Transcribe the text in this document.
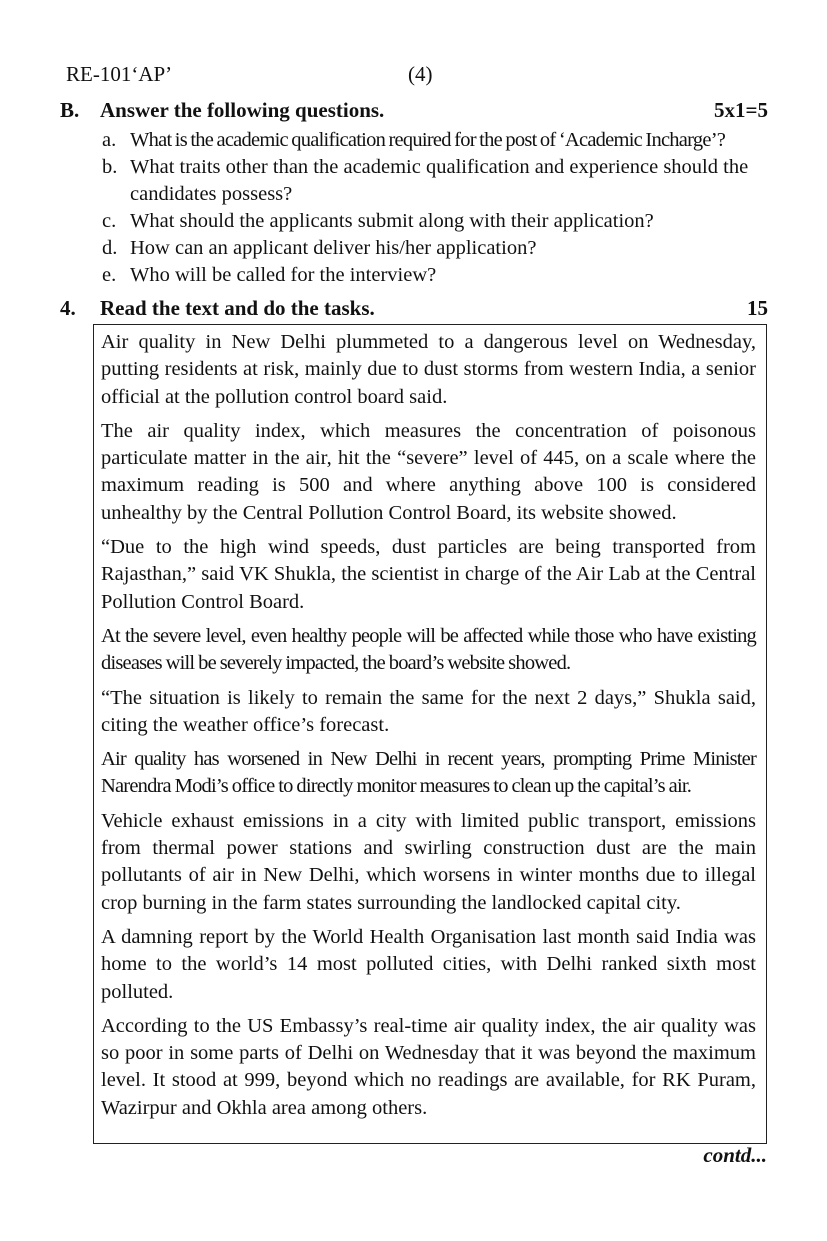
RE-101‘AP’	(4)
B. Answer the following questions.	5x1=5
a. What is the academic qualification required for the post of ‘Academic Incharge’?
b. What traits other than the academic qualification and experience should the candidates possess?
c. What should the applicants submit along with their application?
d. How can an applicant deliver his/her application?
e. Who will be called for the interview?
4. Read the text and do the tasks.	15

Air quality in New Delhi plummeted to a dangerous level on Wednesday, putting residents at risk, mainly due to dust storms from western India, a senior official at the pollution control board said.

The air quality index, which measures the concentration of poisonous particulate matter in the air, hit the “severe” level of 445, on a scale where the maximum reading is 500 and where anything above 100 is considered unhealthy by the Central Pollution Control Board, its website showed.

“Due to the high wind speeds, dust particles are being transported from Rajasthan,” said VK Shukla, the scientist in charge of the Air Lab at the Central Pollution Control Board.

At the severe level, even healthy people will be affected while those who have existing diseases will be severely impacted, the board’s website showed.

“The situation is likely to remain the same for the next 2 days,” Shukla said, citing the weather office’s forecast.

Air quality has worsened in New Delhi in recent years, prompting Prime Minister Narendra Modi’s office to directly monitor measures to clean up the capital’s air.

Vehicle exhaust emissions in a city with limited public transport, emissions from thermal power stations and swirling construction dust are the main pollutants of air in New Delhi, which worsens in winter months due to illegal crop burning in the farm states surrounding the landlocked capital city.

A damning report by the World Health Organisation last month said India was home to the world’s 14 most polluted cities, with Delhi ranked sixth most polluted.

According to the US Embassy’s real-time air quality index, the air quality was so poor in some parts of Delhi on Wednesday that it was beyond the maximum level. It stood at 999, beyond which no readings are available, for RK Puram, Wazirpur and Okhla area among others.

contd...
